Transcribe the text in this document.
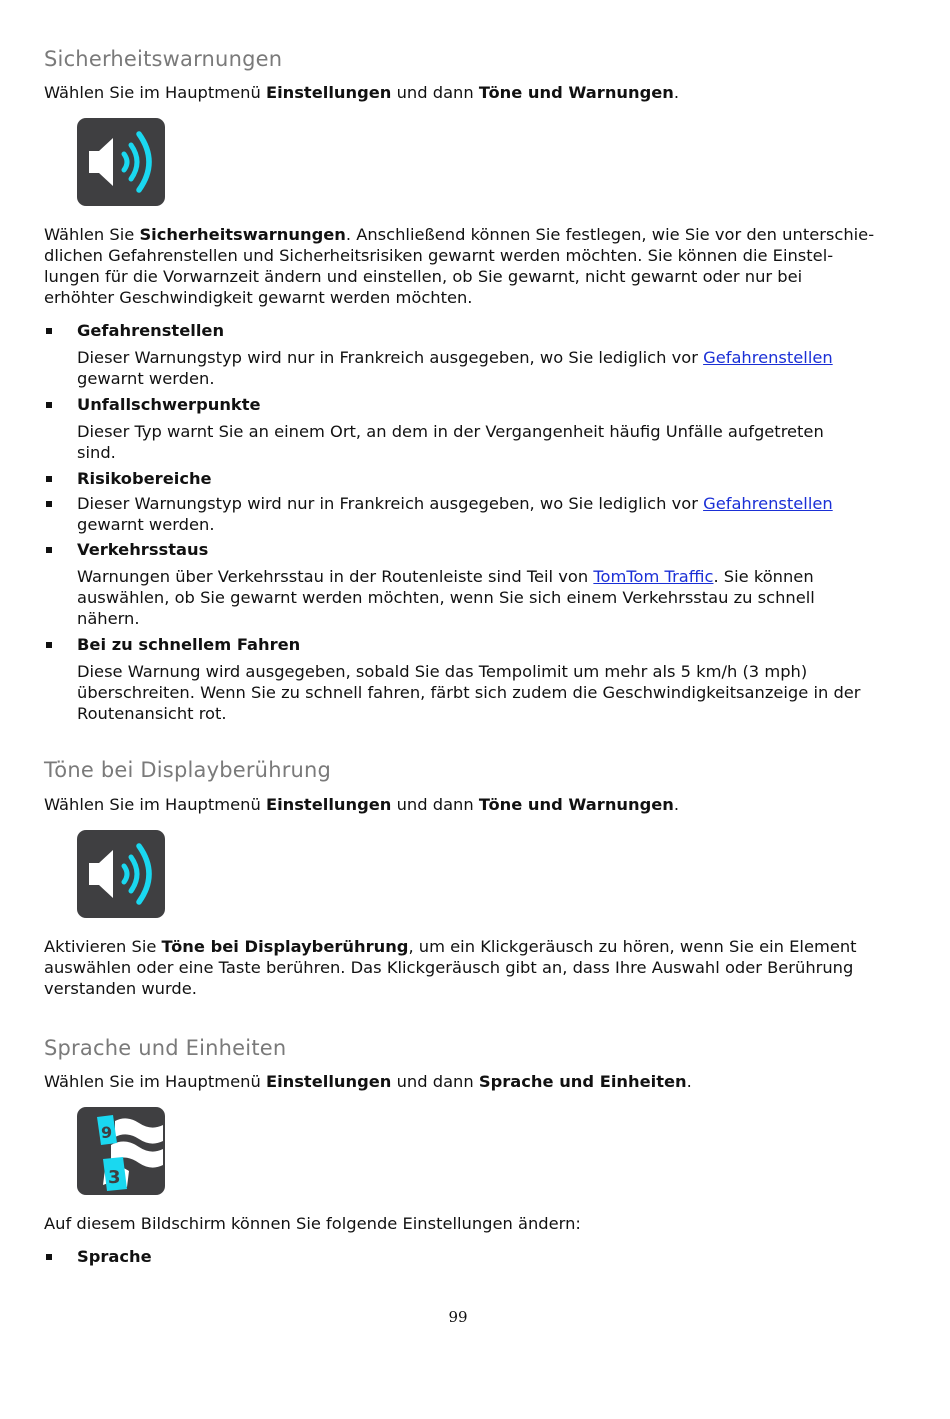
Sicherheitswarnungen

Wählen Sie im Hauptmenü Einstellungen und dann Töne und Warnungen.

Wählen Sie Sicherheitswarnungen. Anschließend können Sie festlegen, wie Sie vor den unterschie-
dlichen Gefahrenstellen und Sicherheitsrisiken gewarnt werden möchten. Sie können die Einstel-
lungen für die Vorwarnzeit ändern und einstellen, ob Sie gewarnt, nicht gewarnt oder nur bei
erhöhter Geschwindigkeit gewarnt werden möchten.
Gefahrenstellen
Dieser Warnungstyp wird nur in Frankreich ausgegeben, wo Sie lediglich vor Gefahrenstellen
gewarnt werden.
Unfallschwerpunkte
Dieser Typ warnt Sie an einem Ort, an dem in der Vergangenheit häufig Unfälle aufgetreten
sind.
Risikobereiche
Dieser Warnungstyp wird nur in Frankreich ausgegeben, wo Sie lediglich vor Gefahrenstellen
gewarnt werden.
Verkehrsstaus
Warnungen über Verkehrsstau in der Routenleiste sind Teil von TomTom Traffic. Sie können
auswählen, ob Sie gewarnt werden möchten, wenn Sie sich einem Verkehrsstau zu schnell
nähern.
Bei zu schnellem Fahren
Diese Warnung wird ausgegeben, sobald Sie das Tempolimit um mehr als 5 km/h (3 mph)
überschreiten. Wenn Sie zu schnell fahren, färbt sich zudem die Geschwindigkeitsanzeige in der
Routenansicht rot.
Töne bei Displayberührung

Wählen Sie im Hauptmenü Einstellungen und dann Töne und Warnungen.

Aktivieren Sie Töne bei Displayberührung, um ein Klickgeräusch zu hören, wenn Sie ein Element
auswählen oder eine Taste berühren. Das Klickgeräusch gibt an, dass Ihre Auswahl oder Berührung
verstanden wurde.
Sprache und Einheiten

Wählen Sie im Hauptmenü Einstellungen und dann Sprache und Einheiten.

9
3
Auf diesem Bildschirm können Sie folgende Einstellungen ändern:
Sprache
99
